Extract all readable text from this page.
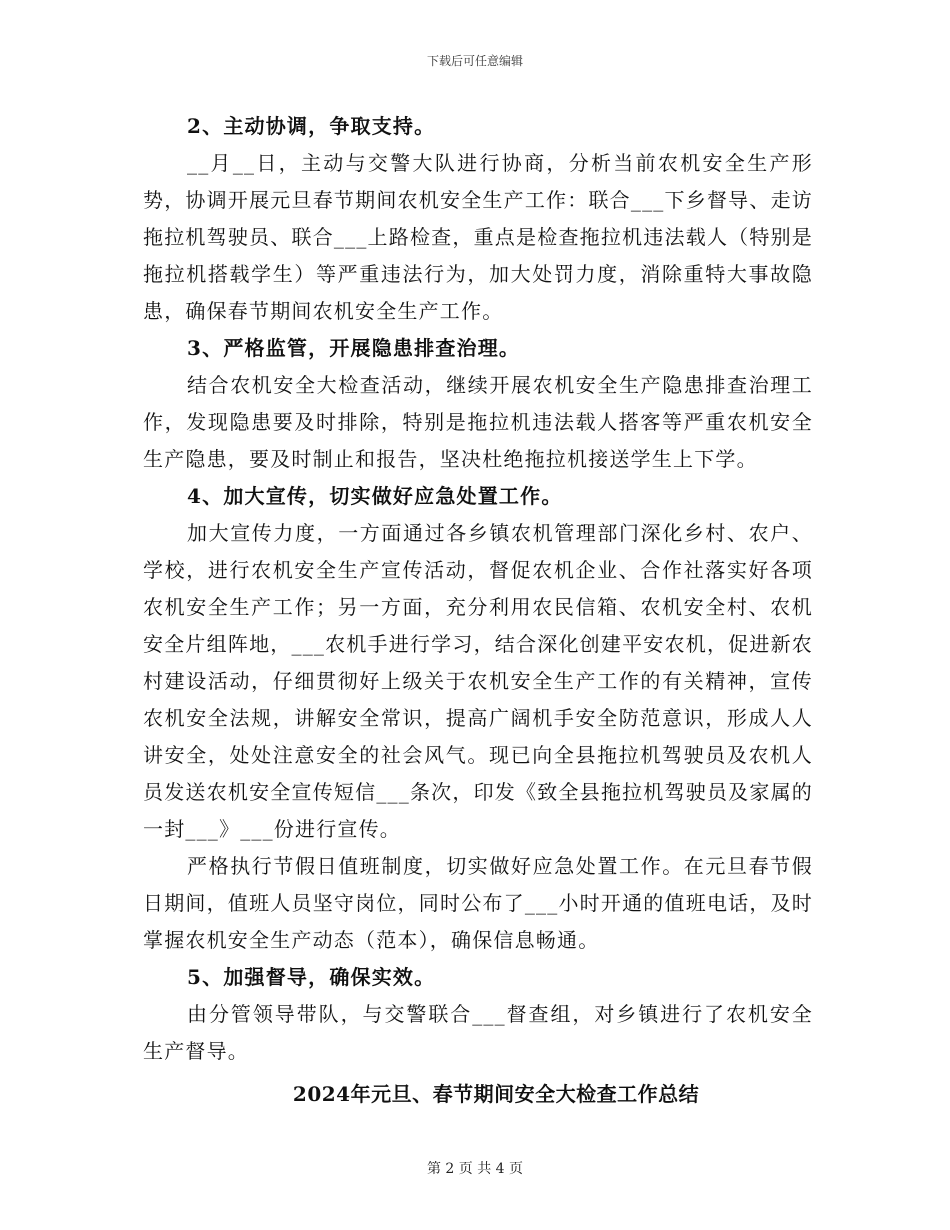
下载后可任意编辑

2、主动协调，争取支持。

__月__日，主动与交警大队进行协商，分析当前农机安全生产形势，协调开展元旦春节期间农机安全生产工作：联合___下乡督导、走访拖拉机驾驶员、联合___上路检查，重点是检查拖拉机违法载人（特别是拖拉机搭载学生）等严重违法行为，加大处罚力度，消除重特大事故隐患，确保春节期间农机安全生产工作。

3、严格监管，开展隐患排查治理。

结合农机安全大检查活动，继续开展农机安全生产隐患排查治理工作，发现隐患要及时排除，特别是拖拉机违法载人搭客等严重农机安全生产隐患，要及时制止和报告，坚决杜绝拖拉机接送学生上下学。

4、加大宣传，切实做好应急处置工作。

加大宣传力度，一方面通过各乡镇农机管理部门深化乡村、农户、学校，进行农机安全生产宣传活动，督促农机企业、合作社落实好各项农机安全生产工作；另一方面，充分利用农民信箱、农机安全村、农机安全片组阵地，___农机手进行学习，结合深化创建平安农机，促进新农村建设活动，仔细贯彻好上级关于农机安全生产工作的有关精神，宣传农机安全法规，讲解安全常识，提高广阔机手安全防范意识，形成人人讲安全，处处注意安全的社会风气。现已向全县拖拉机驾驶员及农机人员发送农机安全宣传短信___条次，印发《致全县拖拉机驾驶员及家属的一封___》___份进行宣传。

严格执行节假日值班制度，切实做好应急处置工作。在元旦春节假日期间，值班人员坚守岗位，同时公布了___小时开通的值班电话，及时掌握农机安全生产动态（范本），确保信息畅通。

5、加强督导，确保实效。

由分管领导带队，与交警联合___督查组，对乡镇进行了农机安全生产督导。

2024年元旦、春节期间安全大检查工作总结

第 2 页 共 4 页
